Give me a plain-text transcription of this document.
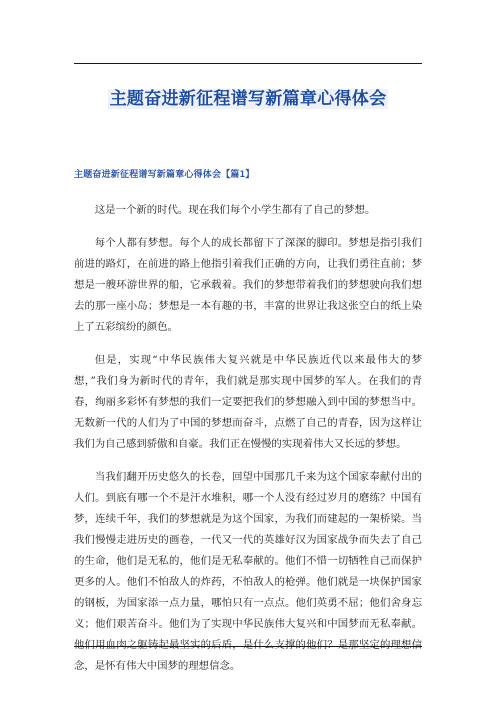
主题奋进新征程谱写新篇章心得体会
主题奋进新征程谱写新篇章心得体会【篇1】

这是一个新的时代。现在我们每个小学生都有了自己的梦想。

每个人都有梦想。每个人的成长都留下了深深的脚印。梦想是指引我们前进的路灯，在前进的路上他指引着我们正确的方向，让我们勇往直前；梦想是一艘环游世界的船，它承载着。我们的梦想带着我们的梦想驶向我们想去的那一座小岛；梦想是一本有趣的书，丰富的世界让我这张空白的纸上染上了五彩缤纷的颜色。

但是，实现“中华民族伟大复兴就是中华民族近代以来最伟大的梦想，”我们身为新时代的青年，我们就是那实现中国梦的军人。在我们的青春，绚丽多彩怀有梦想的我们一定要把我们的梦想融入到中国的梦想当中。无数新一代的人们为了中国的梦想而奋斗，点燃了自己的青春，因为这样让我们为自己感到骄傲和自豪。我们正在慢慢的实现着伟大又长远的梦想。

当我们翻开历史悠久的长卷，回望中国那几千来为这个国家奉献付出的人们。到底有哪一个不是汗水堆积，哪一个人没有经过岁月的磨练？中国有梦，连续千年，我们的梦想就是为这个国家，为我们而建起的一架桥梁。当我们慢慢走进历史的画卷，一代又一代的英雄好汉为国家战争而失去了自己的生命，他们是无私的，他们是无私奉献的。他们不惜一切牺牲自己而保护更多的人。他们不怕敌人的炸药，不怕敌人的枪弹。他们就是一块保护国家的钢板，为国家添一点力量，哪怕只有一点点。他们英勇不屈；他们舍身忘义；他们艰苦奋斗。他们为了实现中华民族伟大复兴和中国梦而无私奉献。他们用血肉之躯铸起最坚实的后盾，是什么支撑的他们？是那坚定的理想信念，是怀有伟大中国梦的理想信念。
